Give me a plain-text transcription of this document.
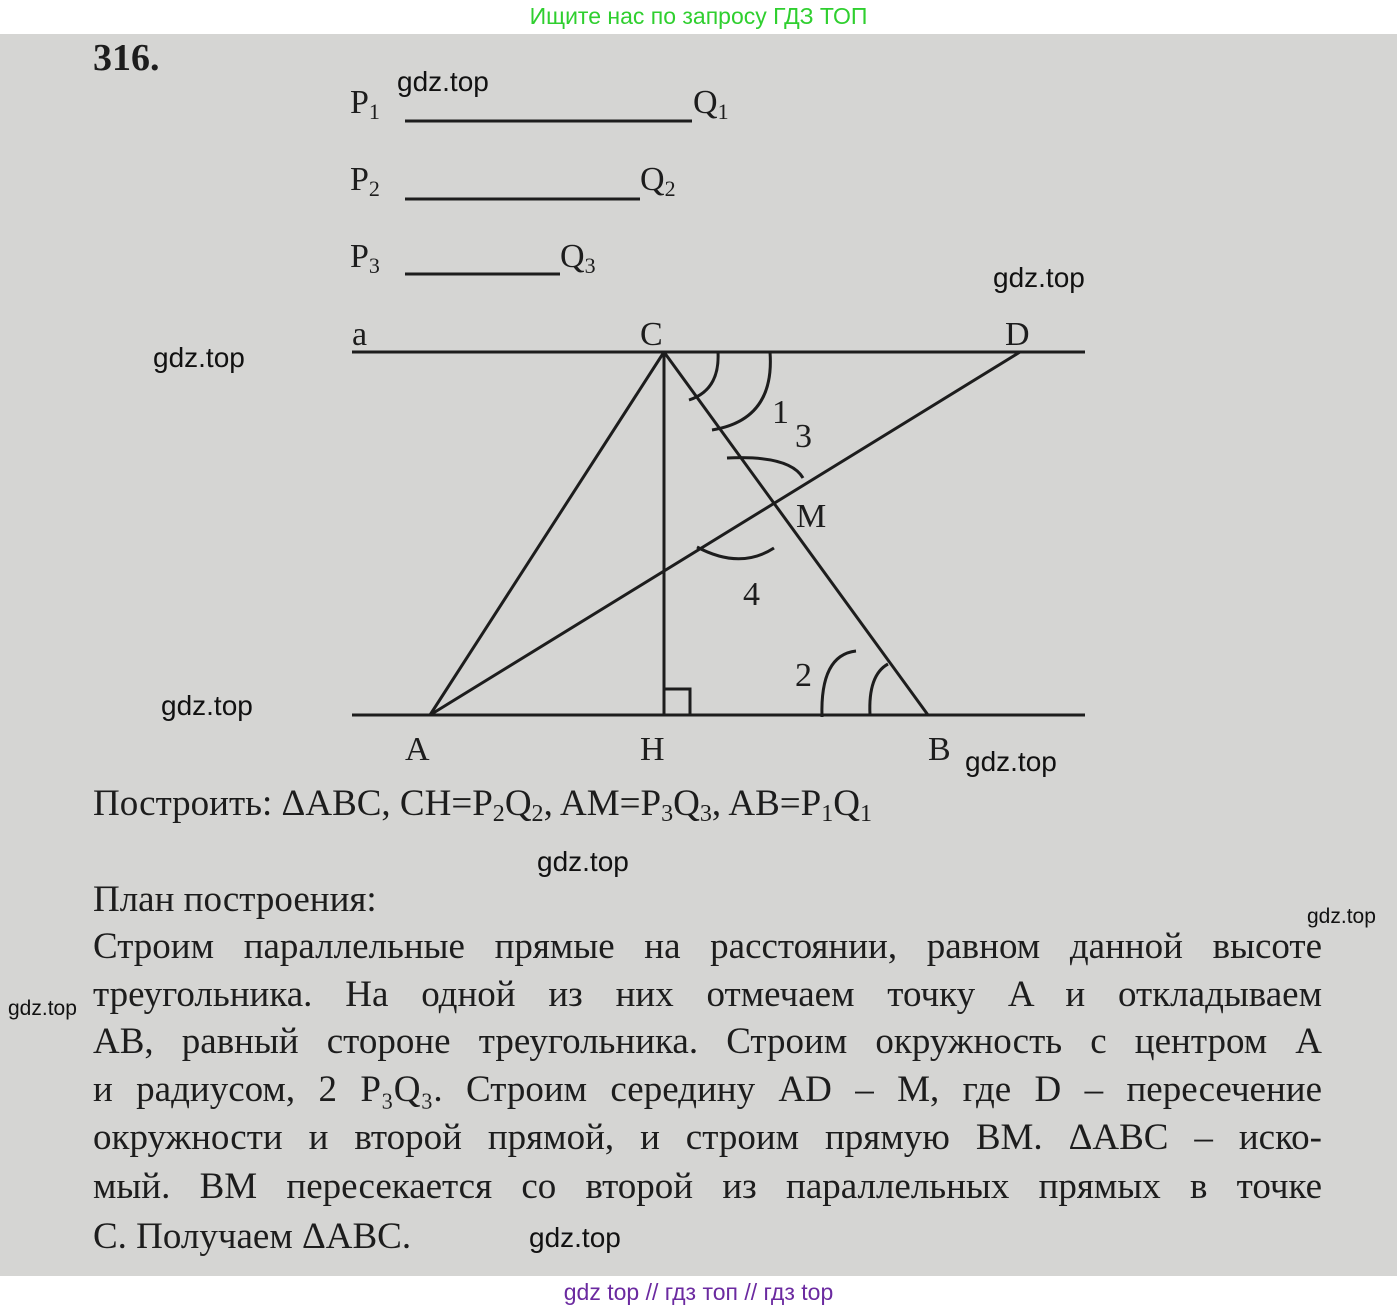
Ищите нас по запросу ГДЗ ТОП
316.
P1	Q1
P2	Q2
P3	Q3
a	C	D
M
A	H	B
1
3
4
2
Построить: ΔABC, $CH=P_2Q_2$, $AM=P_3Q_3$, $AB=P_1Q_1$
План построения:
Строим параллельные прямые на расстоянии, равном данной высоте
треугольника. На одной из них отмечаем точку A и откладываем
AB, равный стороне треугольника. Строим окружность с центром A
и радиусом, 2 P₃Q₃. Строим середину AD – M, где D – пересечение
окружности и второй прямой, и строим прямую BM. ΔABC – иско-
мый. BM пересекается со второй из параллельных прямых в точке
C. Получаем ΔABC.
gdz.top
gdz.top
gdz.top
gdz.top
gdz.top
gdz.top
gdz.top
gdz.top
gdz.top
gdz top // гдз топ // гдз top
